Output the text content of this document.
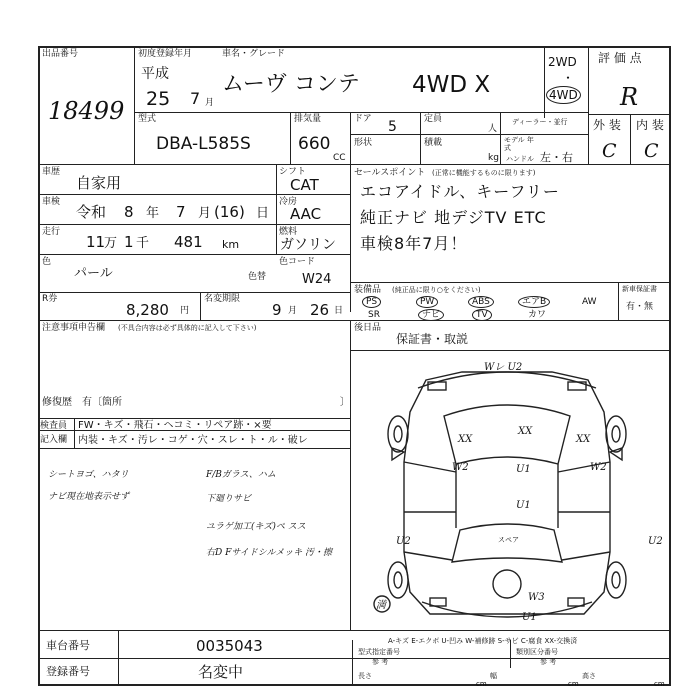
出品番号
18499
初度登録年月	車名・グレード
平成
25 7 月
ムーヴ コンテ 4WD X
2WD
・
4WD
評 価 点
R
外 装 内 装
C C
型式
DBA-L585S
排気量
660
CC
ドア 5	定員
人
ディーラー・並行
形状	積載
kg
モデル 年式
ハンドル 左・右
車歴
自家用
車検
令和 8 年 7 月 (16) 日
走行
11
万 1 千 481 km
シフト
CAT
冷房
AAC
燃料
ガソリン
色
パール	色替
色コード
W24
R券
8,280 円
名変期限
9 月 26 日
セールスポイント (正常に機能するものに限ります)
エコアイドル、キーフリー
純正ナビ 地デジTV ETC
車検8年7月！
装備品 (純正品に限り○をください)
PS	PW	ABS	エアB	AW
SR	ナビ	TV	カワ
新車保証書
有・無
注意事項申告欄 (不具合内容は必ず具体的に記入して下さい)
修復歴 有〔箇所	〕
後日品
保証書・取説
検査員
記入欄
FW・キズ・飛石・ヘコミ・リペア跡・×要
内装・キズ・汚レ・コゲ・穴・スレ・ト・ル・破レ
シートヨゴ、ハタリ
ナビ現在地表示せず
F/Bガラス、ハム
下廻りサビ
ユラゲ加工(キズ)ペ スス
右D Fサイドシルメッキ 汚・擦
Wレ U2
XX
XX
XX
W2	W2
U1
U1
U2	U2
W3
U1
満
スペア
A-キズ E-エクボ U-凹み W-補修跡 S-サビ C-腐食 XX-交換済
車台番号	0035043
登録番号	名変中
型式指定番号	類別区分番号
参 考	参 考
長さ
cm
幅
cm
高さ
cm
